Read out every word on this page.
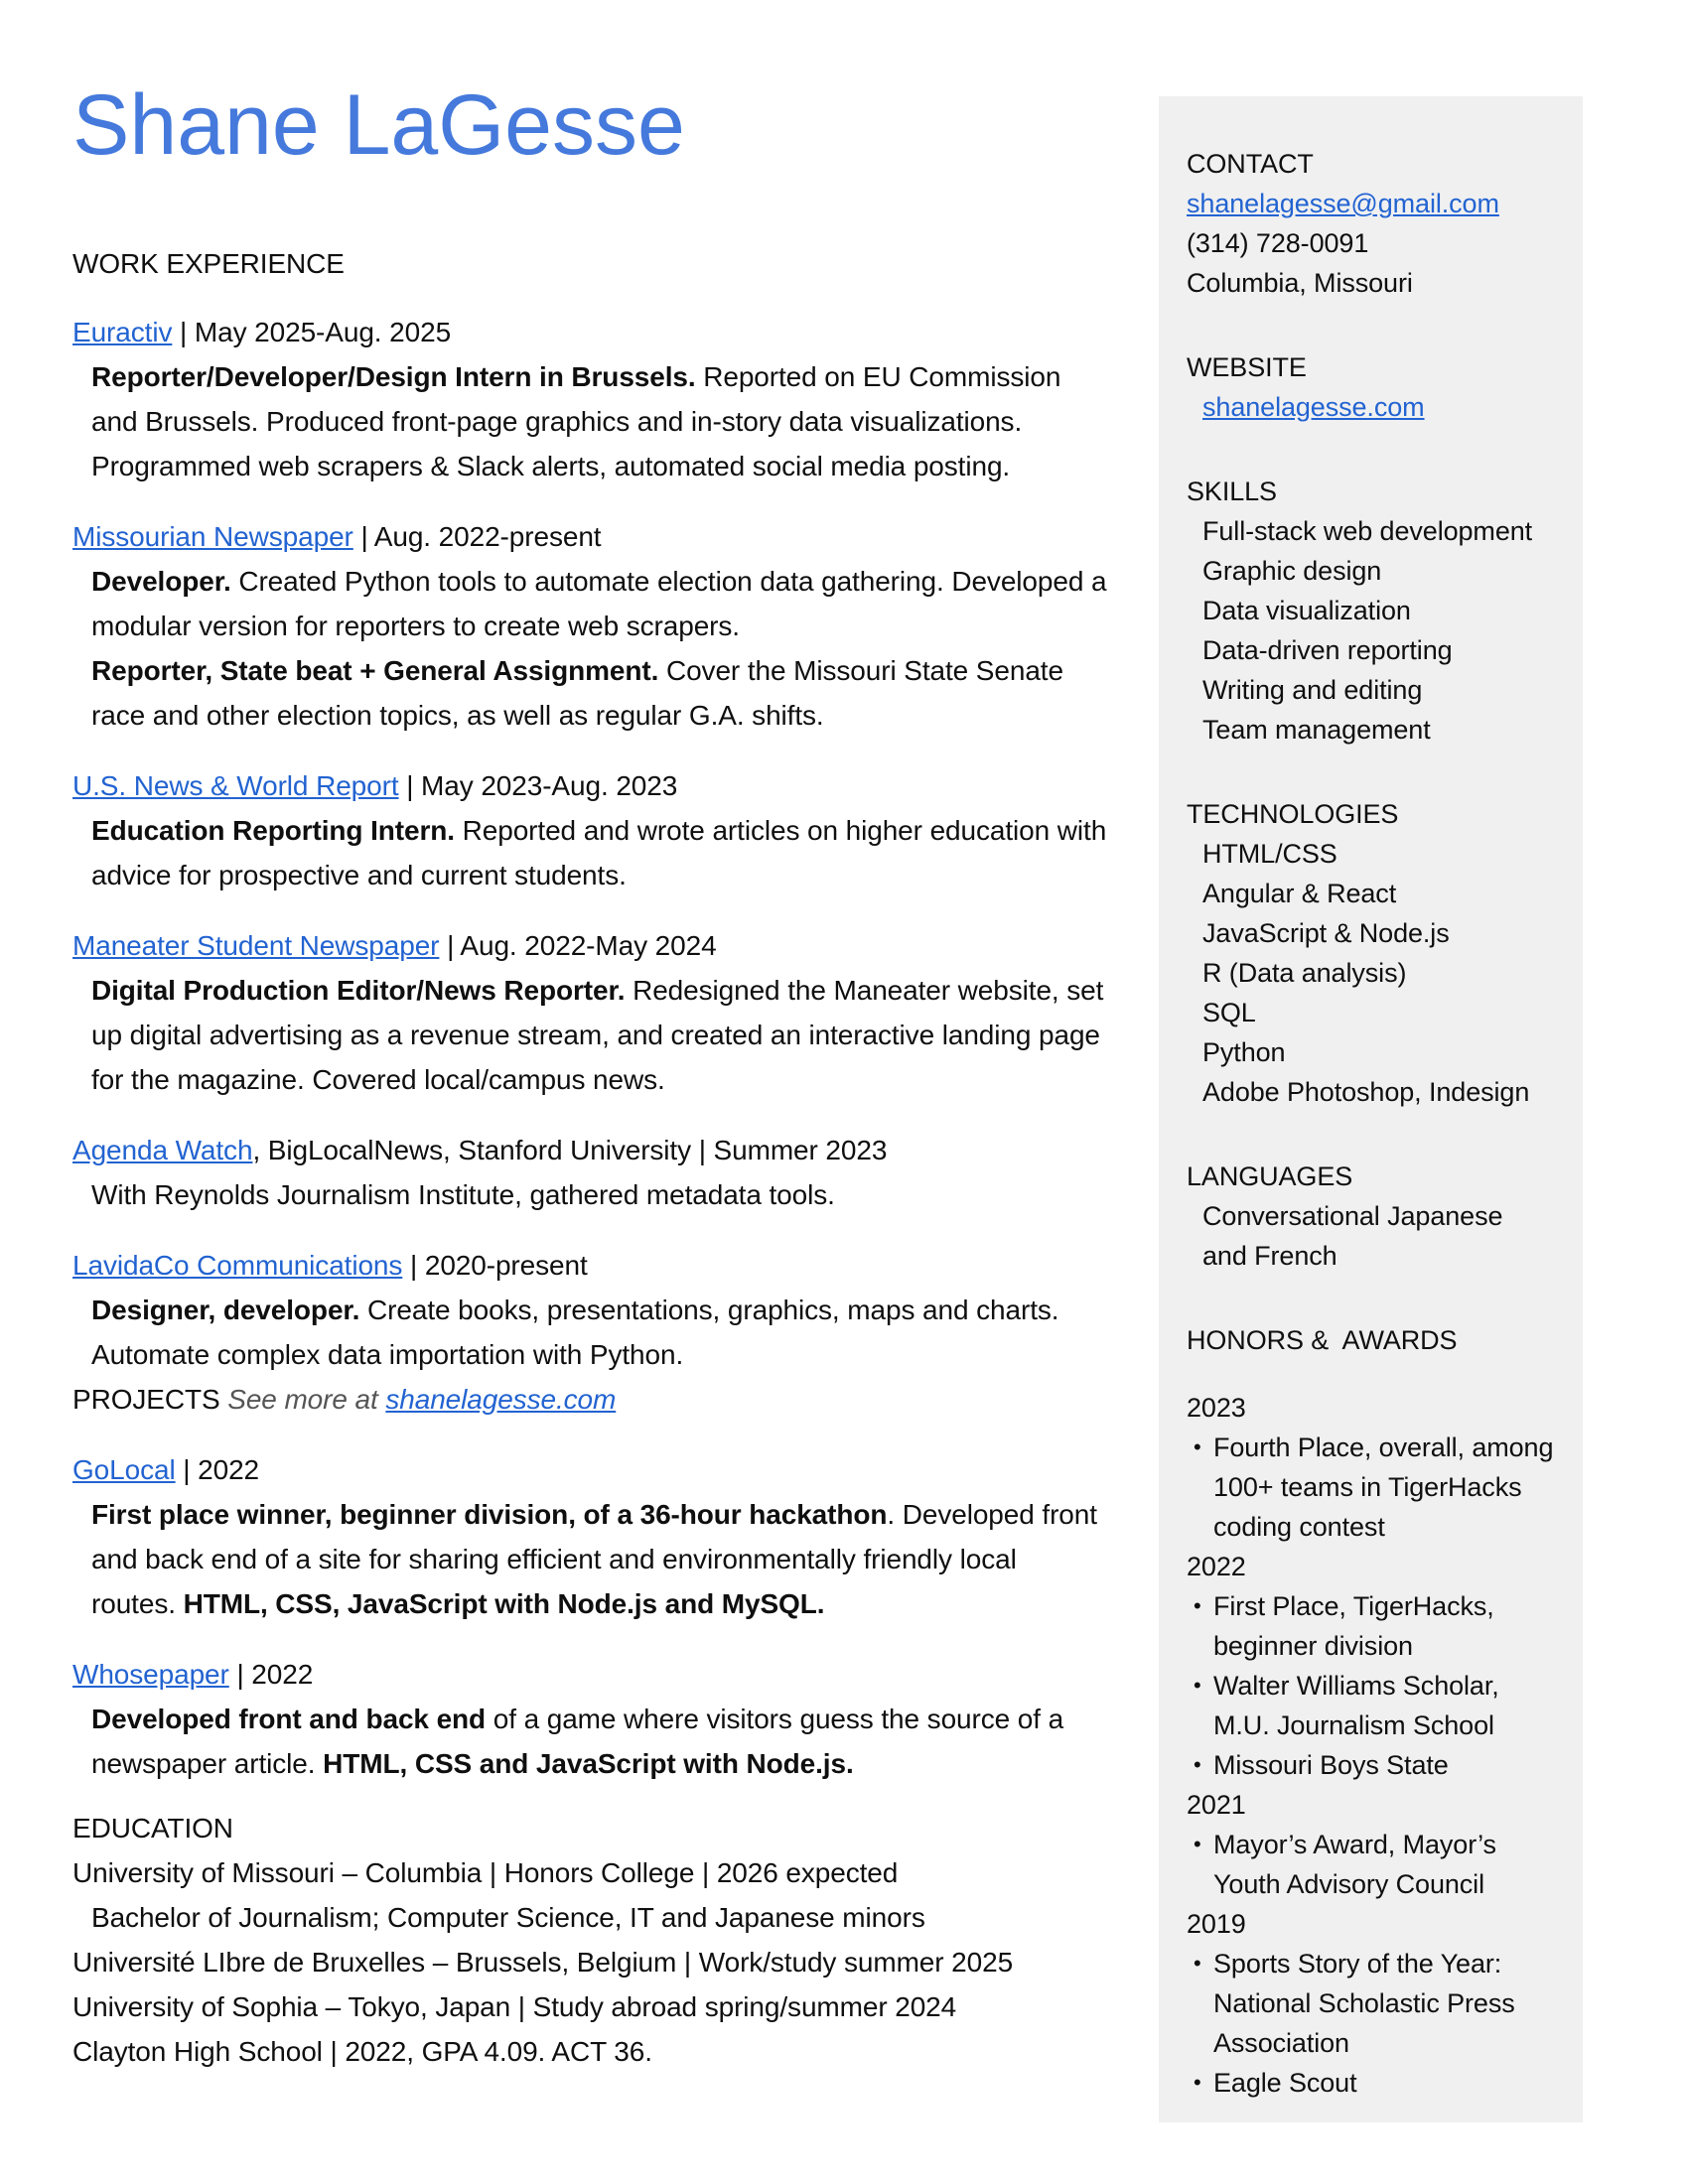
Shane LaGesse
WORK EXPERIENCE
Euractiv | May 2025-Aug. 2025
Reporter/Developer/Design Intern in Brussels. Reported on EU Commission and Brussels. Produced front-page graphics and in-story data visualizations. Programmed web scrapers & Slack alerts, automated social media posting.
Missourian Newspaper | Aug. 2022-present
Developer. Created Python tools to automate election data gathering. Developed a modular version for reporters to create web scrapers.
Reporter, State beat + General Assignment. Cover the Missouri State Senate race and other election topics, as well as regular G.A. shifts.
U.S. News & World Report | May 2023-Aug. 2023
Education Reporting Intern. Reported and wrote articles on higher education with advice for prospective and current students.
Maneater Student Newspaper | Aug. 2022-May 2024
Digital Production Editor/News Reporter. Redesigned the Maneater website, set up digital advertising as a revenue stream, and created an interactive landing page for the magazine. Covered local/campus news.
Agenda Watch, BigLocalNews, Stanford University | Summer 2023
With Reynolds Journalism Institute, gathered metadata tools.
LavidaCo Communications | 2020-present
Designer, developer. Create books, presentations, graphics, maps and charts. Automate complex data importation with Python.
PROJECTS See more at shanelagesse.com
GoLocal | 2022
First place winner, beginner division, of a 36-hour hackathon. Developed front and back end of a site for sharing efficient and environmentally friendly local routes. HTML, CSS, JavaScript with Node.js and MySQL.
Whosepaper | 2022
Developed front and back end of a game where visitors guess the source of a newspaper article. HTML, CSS and JavaScript with Node.js.
EDUCATION
University of Missouri – Columbia | Honors College | 2026 expected
Bachelor of Journalism; Computer Science, IT and Japanese minors
Université LIbre de Bruxelles – Brussels, Belgium | Work/study summer 2025
University of Sophia – Tokyo, Japan | Study abroad spring/summer 2024
Clayton High School | 2022, GPA 4.09. ACT 36.
CONTACT
shanelagesse@gmail.com
(314) 728-0091
Columbia, Missouri
WEBSITE
shanelagesse.com
SKILLS
Full-stack web development
Graphic design
Data visualization
Data-driven reporting
Writing and editing
Team management
TECHNOLOGIES
HTML/CSS
Angular & React
JavaScript & Node.js
R (Data analysis)
SQL
Python
Adobe Photoshop, Indesign
LANGUAGES
Conversational Japanese and French
HONORS &  AWARDS
2023
• Fourth Place, overall, among 100+ teams in TigerHacks coding contest
2022
• First Place, TigerHacks, beginner division
• Walter Williams Scholar, M.U. Journalism School
• Missouri Boys State
2021
• Mayor’s Award, Mayor’s Youth Advisory Council
2019
• Sports Story of the Year: National Scholastic Press Association
• Eagle Scout
